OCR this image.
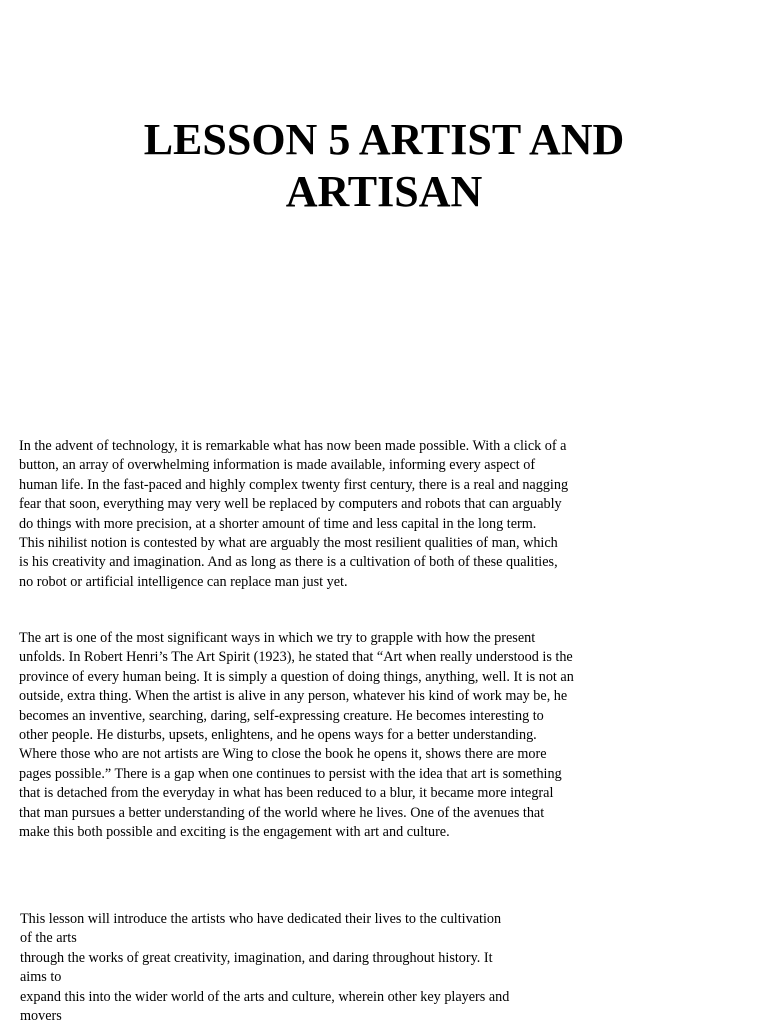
LESSON 5 ARTIST AND
ARTISAN

In the advent of technology, it is remarkable what has now been made possible. With a click of a
button, an array of overwhelming information is made available, informing every aspect of
human life. In the fast-paced and highly complex twenty first century, there is a real and nagging
fear that soon, everything may very well be replaced by computers and robots that can arguably
do things with more precision, at a shorter amount of time and less capital in the long term.
This nihilist notion is contested by what are arguably the most resilient qualities of man, which
is his creativity and imagination. And as long as there is a cultivation of both of these qualities,
no robot or artificial intelligence can replace man just yet.

The art is one of the most significant ways in which we try to grapple with how the present
unfolds. In Robert Henri’s The Art Spirit (1923), he stated that “Art when really understood is the
province of every human being. It is simply a question of doing things, anything, well. It is not an
outside, extra thing. When the artist is alive in any person, whatever his kind of work may be, he
becomes an inventive, searching, daring, self-expressing creature. He becomes interesting to
other people. He disturbs, upsets, enlightens, and he opens ways for a better understanding.
Where those who are not artists are Wing to close the book he opens it, shows there are more
pages possible.” There is a gap when one continues to persist with the idea that art is something
that is detached from the everyday in what has been reduced to a blur, it became more integral
that man pursues a better understanding of the world where he lives. One of the avenues that
make this both possible and exciting is the engagement with art and culture.

This lesson will introduce the artists who have dedicated their lives to the cultivation
of the arts
through the works of great creativity, imagination, and daring throughout history. It
aims to
expand this into the wider world of the arts and culture, wherein other key players and
movers
